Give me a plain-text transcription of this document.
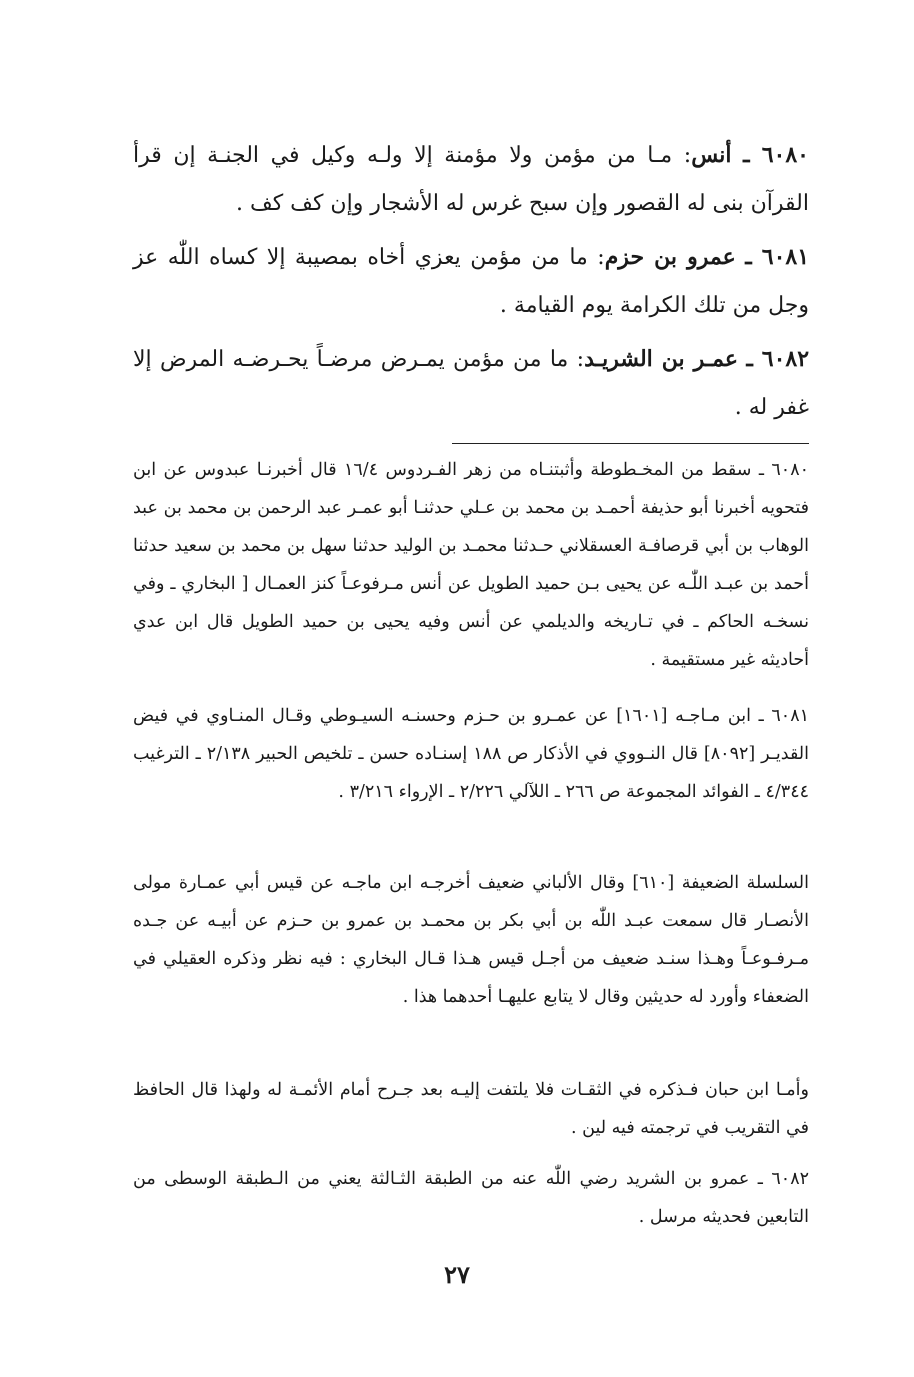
٦٠٨٠ ـ أنس: مـا من مؤمن ولا مؤمنة إلا ولـه وكيل في الجنـة إن قرأ القرآن بنى له القصور وإن سبح غرس له الأشجار وإن كف كف .
٦٠٨١ ـ عمرو بن حزم: ما من مؤمن يعزي أخاه بمصيبة إلا كساه اللّٰه عز وجل من تلك الكرامة يوم القيامة .
٦٠٨٢ ـ عمـر بن الشريـد: ما من مؤمن يمـرض مرضـاً يحـرضـه المرض إلا غفر له .
٦٠٨٠ ـ سقط من المخـطوطة وأثبتنـاه من زهر الفـردوس ١٦/٤ قال أخبرنـا عبدوس عن ابن فتحويه أخبرنا أبو حذيفة أحمـد بن محمد بن عـلي حدثنـا أبو عمـر عبد الرحمن بن محمد بن عبد الوهاب بن أبي قرصافـة العسقلاني حـدثنا محمـد بن الوليد حدثنا سهل بن محمد بن سعيد حدثنا أحمد بن عبـد اللّٰـه عن يحيى بـن حميد الطويل عن أنس مـرفوعـاً كنز العمـال [ البخاري ـ وفي نسخـه الحاكم ـ في تـاريخه والديلمي عن أنس وفيه يحيى بن حميد الطويل قال ابن عدي أحاديثه غير مستقيمة .
٦٠٨١ ـ ابن مـاجـه [١٦٠١] عن عمـرو بن حـزم وحسنـه السيـوطي وقـال المنـاوي في فيض القديـر [٨٠٩٢] قال النـووي في الأذكار ص ١٨٨ إسنـاده حسن ـ تلخيص الحبير ٢/١٣٨ ـ الترغيب ٤/٣٤٤ ـ الفوائد المجموعة ص ٢٦٦ ـ اللآلي ٢/٢٢٦ ـ الإرواء ٣/٢١٦ .
السلسلة الضعيفة [٦١٠] وقال الألباني ضعيف أخرجـه ابن ماجـه عن قيس أبي عمـارة مولى الأنصـار قال سمعت عبـد اللّٰه بن أبي بكر بن محمـد بن عمرو بن حـزم عن أبيـه عن جـده مـرفـوعـاً وهـذا سنـد ضعيف من أجـل قيس هـذا قـال البخاري : فيه نظر وذكره العقيلي في الضعفاء وأورد له حديثين وقال لا يتابع عليهـا أحدهما هذا .
وأمـا ابن حبان فـذكره في الثقـات فلا يلتفت إليـه بعد جـرح أمام الأئمـة له ولهذا قال الحافظ في التقريب في ترجمته فيه لين .
٦٠٨٢ ـ عمرو بن الشريد رضي اللّٰه عنه من الطبقة الثـالثة يعني من الـطبقة الوسطى من التابعين فحديثه مرسل .
٢٧
